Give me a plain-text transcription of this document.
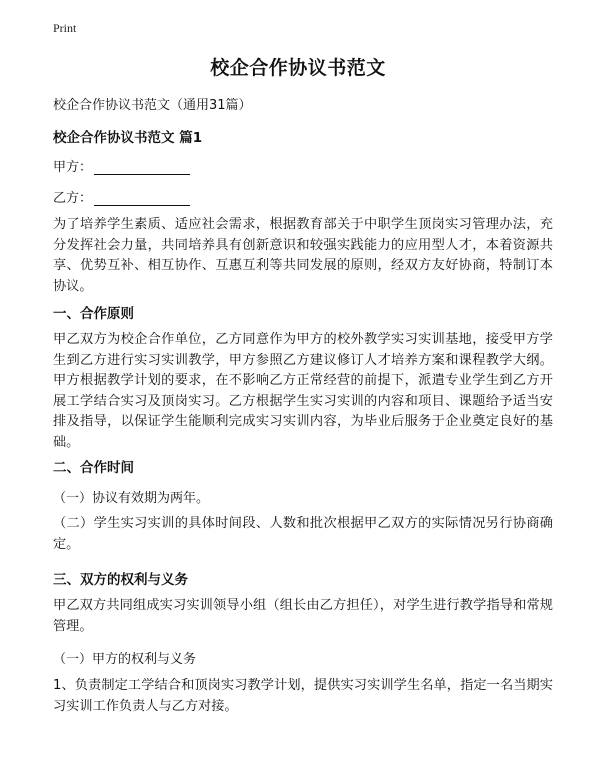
Print
校企合作协议书范文
校企合作协议书范文（通用31篇）
校企合作协议书范文 篇1
甲方：
乙方：
为了培养学生素质、适应社会需求，根据教育部关于中职学生顶岗实习管理办法，充分发挥社会力量，共同培养具有创新意识和较强实践能力的应用型人才，本着资源共享、优势互补、相互协作、互惠互利等共同发展的原则，经双方友好协商，特制订本协议。
一、合作原则
甲乙双方为校企合作单位，乙方同意作为甲方的校外教学实习实训基地，接受甲方学生到乙方进行实习实训教学，甲方参照乙方建议修订人才培养方案和课程教学大纲。甲方根据教学计划的要求，在不影响乙方正常经营的前提下，派遣专业学生到乙方开展工学结合实习及顶岗实习。乙方根据学生实习实训的内容和项目、课题给予适当安排及指导，以保证学生能顺利完成实习实训内容，为毕业后服务于企业奠定良好的基础。
二、合作时间
（一）协议有效期为两年。
（二）学生实习实训的具体时间段、人数和批次根据甲乙双方的实际情况另行协商确定。
三、双方的权利与义务
甲乙双方共同组成实习实训领导小组（组长由乙方担任），对学生进行教学指导和常规管理。
（一）甲方的权利与义务
1、负责制定工学结合和顶岗实习教学计划，提供实习实训学生名单，指定一名当期实习实训工作负责人与乙方对接。
